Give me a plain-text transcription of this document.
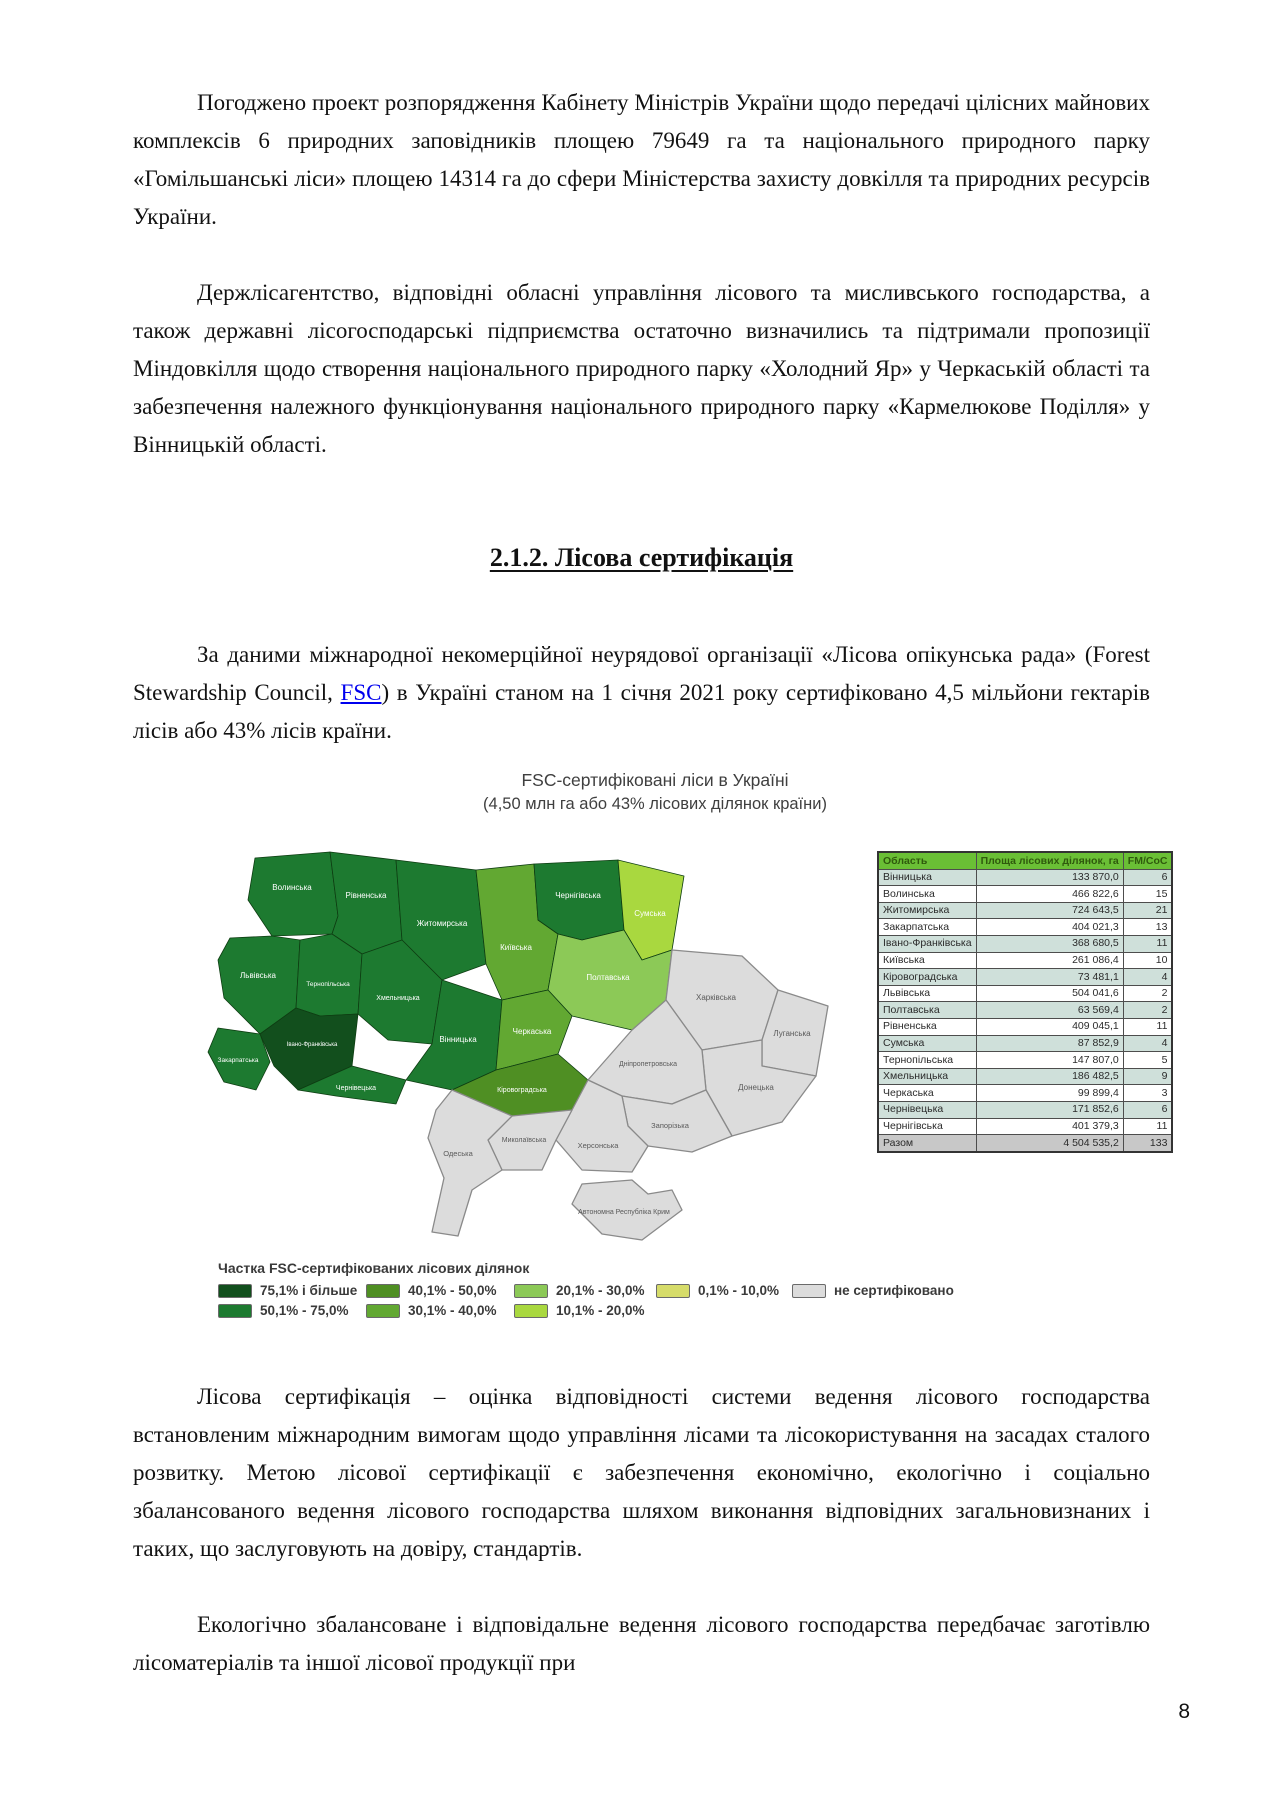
Погоджено проект розпорядження Кабінету Міністрів України щодо передачі цілісних майнових комплексів 6 природних заповідників площею 79649 га та національного природного парку «Гомільшанські ліси» площею 14314 га до сфери Міністерства захисту довкілля та природних ресурсів України.

Держлісагентство, відповідні обласні управління лісового та мисливського господарства, а також державні лісогосподарські підприємства остаточно визначились та підтримали пропозиції Міндовкілля щодо створення національного природного парку «Холодний Яр» у Черкаській області та забезпечення належного функціонування національного природного парку «Кармелюкове Поділля» у Вінницькій області.

2.1.2. Лісова сертифікація

За даними міжнародної некомерційної неурядової організації «Лісова опікунська рада» (Forest Stewardship Council, FSC) в Україні станом на 1 січня 2021 року сертифіковано 4,5 мільйони гектарів лісів або 43% лісів країни.

FSC-сертифіковані ліси в Україні
(4,50 млн га або 43% лісових ділянок країни)
Волинська
Рівненська
Житомирська
Київська
Чернігівська
Сумська
Львівська
Тернопільська
Хмельницька
Вінницька
Івано-Франківська
Закарпатська
Чернівецька
Полтавська
Черкаська
Кіровоградська
Харківська
Луганська
Донецька
Дніпропетровська
Запорізька
Херсонська
Миколаївська
Одеська
Автономна Республіка Крим
Область	Площа лісових ділянок, га	FM/CoC
Вінницька	133 870,0	6
Волинська	466 822,6	15
Житомирська	724 643,5	21
Закарпатська	404 021,3	13
Івано-Франківська	368 680,5	11
Київська	261 086,4	10
Кіровоградська	73 481,1	4
Львівська	504 041,6	2
Полтавська	63 569,4	2
Рівненська	409 045,1	11
Сумська	87 852,9	4
Тернопільська	147 807,0	5
Хмельницька	186 482,5	9
Черкаська	99 899,4	3
Чернівецька	171 852,6	6
Чернігівська	401 379,3	11
Разом	4 504 535,2	133
Частка FSC-сертифікованих лісових ділянок
75,1% і більше	40,1% - 50,0%	20,1% - 30,0%	0,1% - 10,0%	не сертифіковано
50,1% - 75,0%	30,1% - 40,0%	10,1% - 20,0%

Лісова сертифікація – оцінка відповідності системи ведення лісового господарства встановленим міжнародним вимогам щодо управління лісами та лісокористування на засадах сталого розвитку. Метою лісової сертифікації є забезпечення економічно, екологічно і соціально збалансованого ведення лісового господарства шляхом виконання відповідних загальновизнаних і таких, що заслуговують на довіру, стандартів.

Екологічно збалансоване і відповідальне ведення лісового господарства передбачає заготівлю лісоматеріалів та іншої лісової продукції при

8
